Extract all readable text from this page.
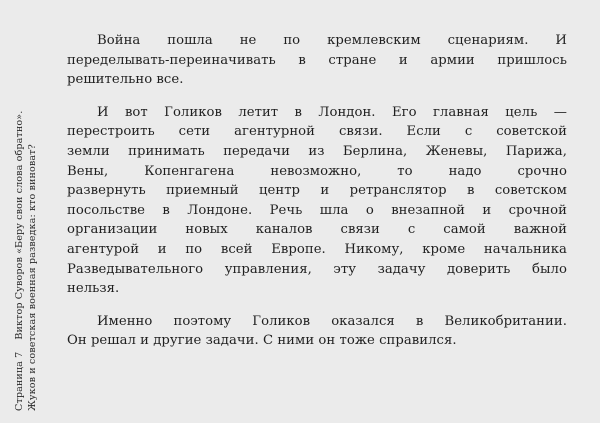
Страница 7Виктор Суворов «Беру свои слова обратно». Жуков и советская военная разведка: кто виноват?
Война пошла не по кремлевским сценариям. И
переделывать-переиначивать в стране и армии пришлось
решительно все.
И вот Голиков летит в Лондон. Его главная цель —
перестроить сети агентурной связи. Если с советской
земли принимать передачи из Берлина, Женевы, Парижа,
Вены,	Копенгагена	невозможно,	то	надо	срочно
развернуть приемный центр и ретранслятор в советском
посольстве в Лондоне. Речь шла о внезапной и срочной
организации новых каналов связи с самой важной
агентурой и по всей Европе. Никому, кроме начальника
Разведывательного управления, эту задачу доверить было
нельзя.
Именно поэтому Голиков оказался в Великобритании.
Он решал и другие задачи. С ними он тоже справился.
